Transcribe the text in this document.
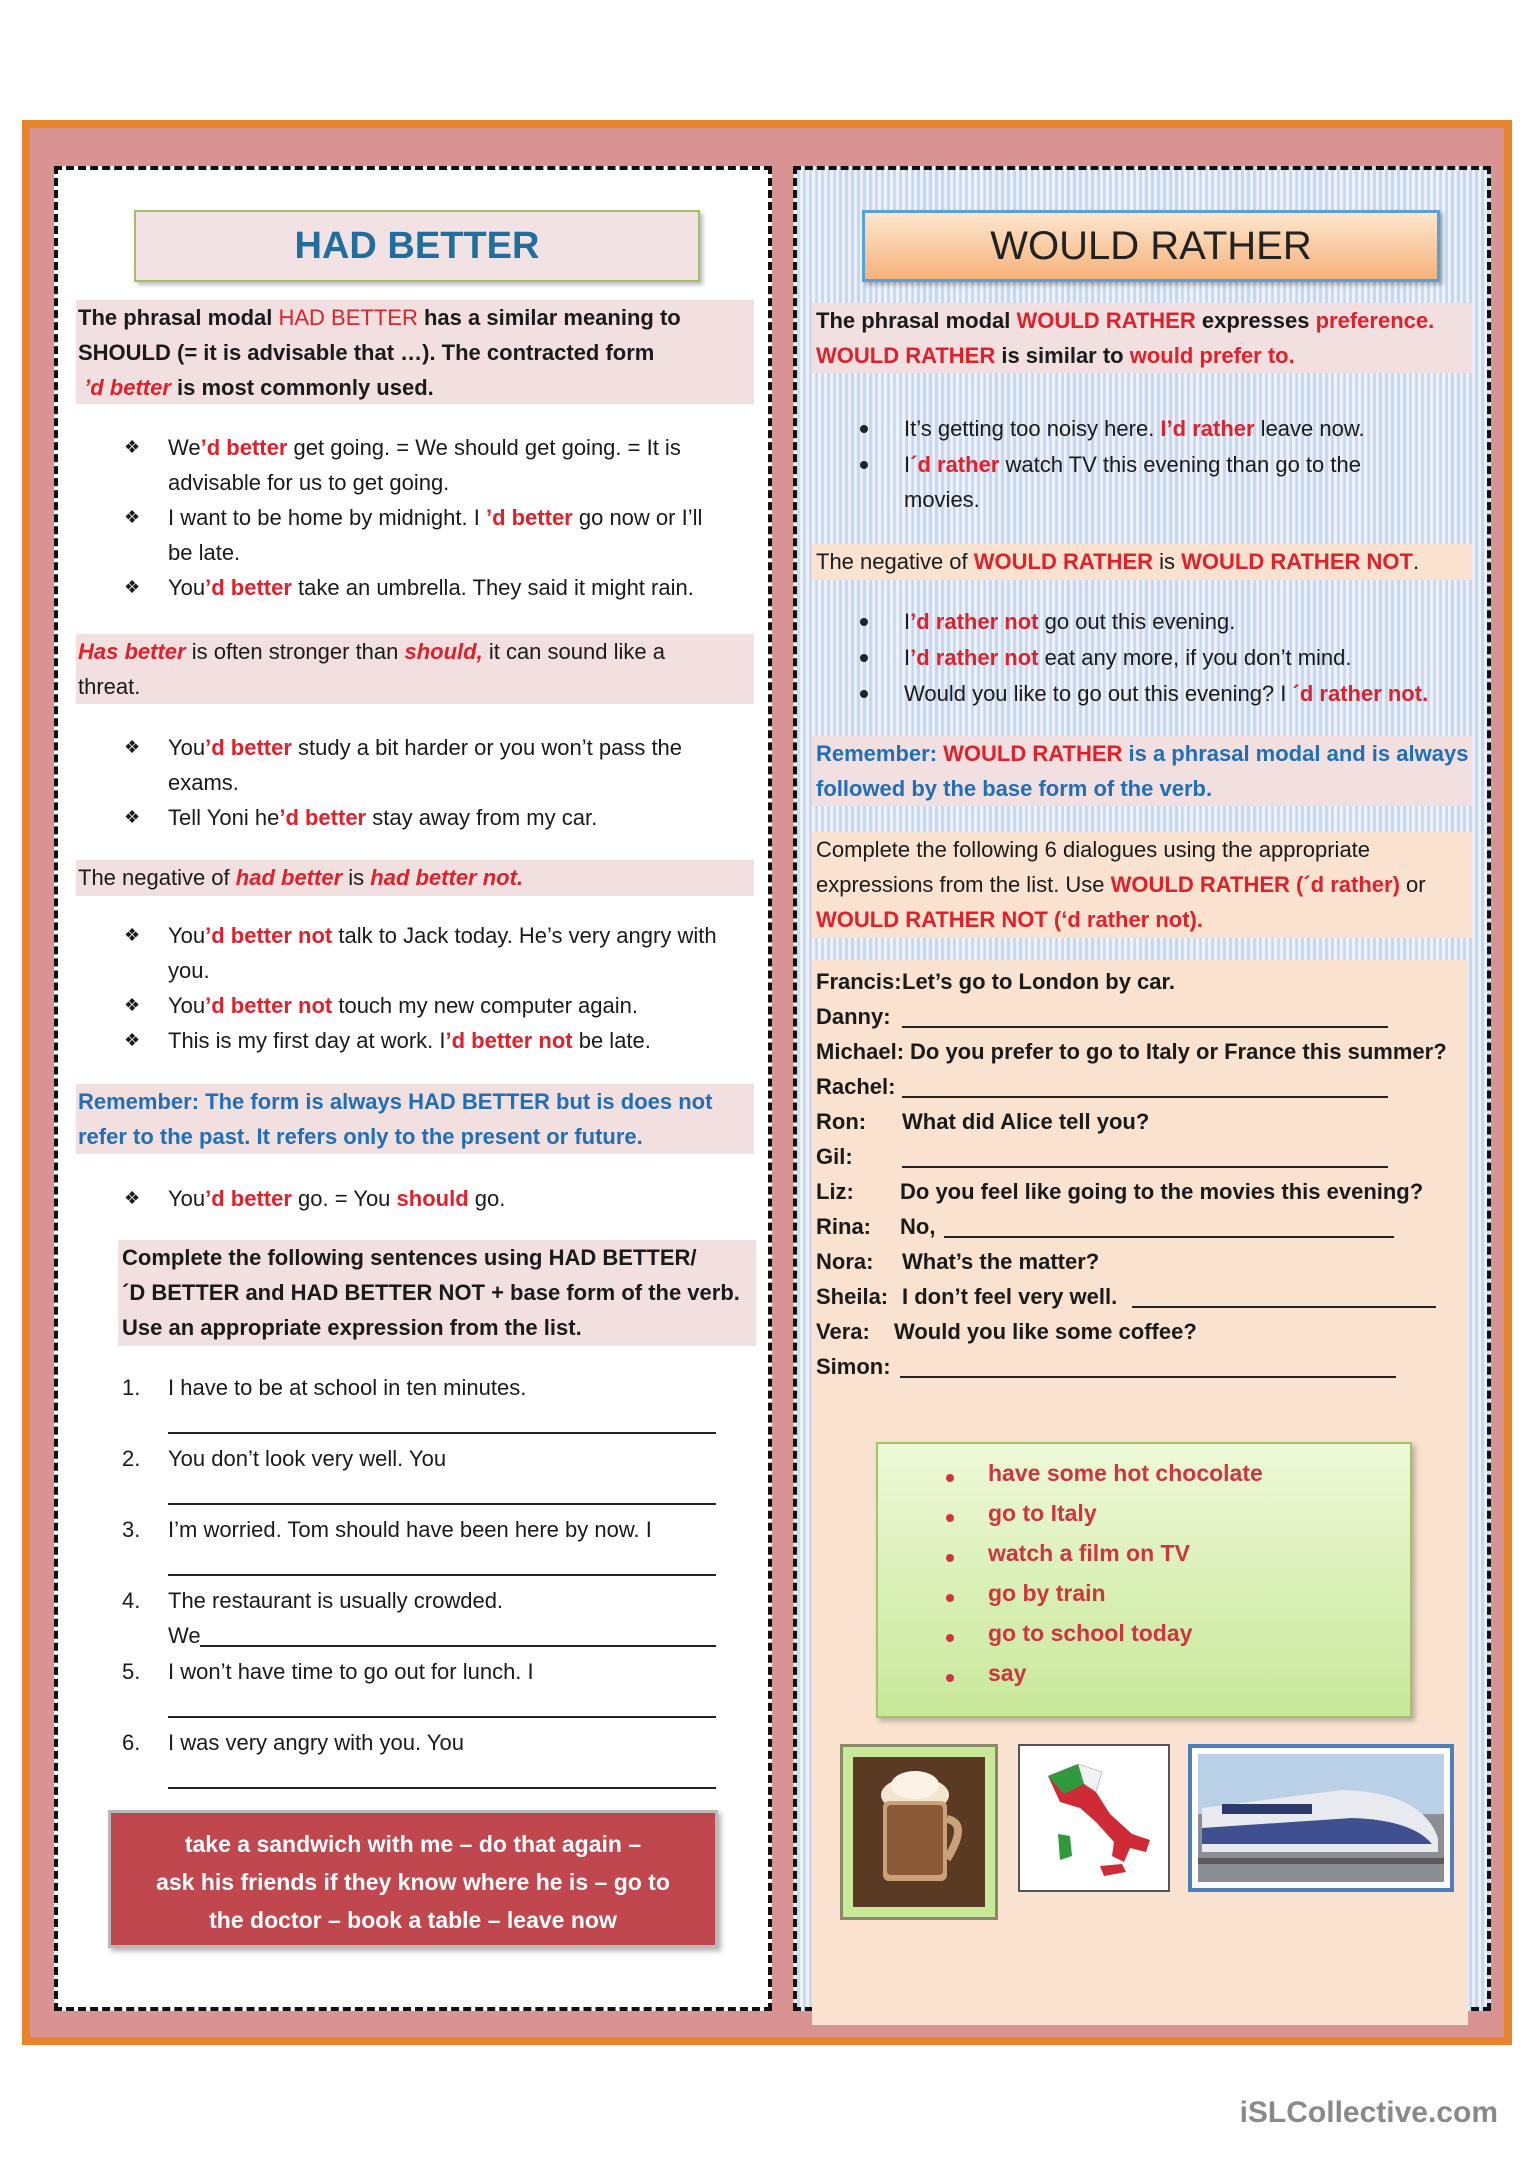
HAD BETTER
The phrasal modal HAD BETTER has a similar meaning to
SHOULD (= it is advisable that …). The contracted form
’d better is most commonly used.
❖ We’d better get going. = We should get going. = It is
advisable for us to get going.
❖ I want to be home by midnight. I ’d better go now or I’ll
be late.
❖ You’d better take an umbrella. They said it might rain.
Has better is often stronger than should, it can sound like a
threat.
❖ You’d better study a bit harder or you won’t pass the
exams.
❖ Tell Yoni he’d better stay away from my car.
The negative of had better is had better not.
❖ You’d better not talk to Jack today. He’s very angry with
you.
❖ You’d better not touch my new computer again.
❖ This is my first day at work. I’d better not be late.
Remember: The form is always HAD BETTER but is does not
refer to the past. It refers only to the present or future.
❖ You’d better go. = You should go.
Complete the following sentences using HAD BETTER/
´D BETTER and HAD BETTER NOT + base form of the verb.
Use an appropriate expression from the list.
1. I have to be at school in ten minutes.
2. You don’t look very well. You
3. I’m worried. Tom should have been here by now. I
4. The restaurant is usually crowded.
We
5. I won’t have time to go out for lunch. I
6. I was very angry with you. You
take a sandwich with me – do that again –
ask his friends if they know where he is – go to
the doctor – book a table – leave now
WOULD RATHER
The phrasal modal WOULD RATHER expresses preference.
WOULD RATHER is similar to would prefer to.
It’s getting too noisy here. I’d rather leave now.
I´d rather watch TV this evening than go to the
movies.
The negative of WOULD RATHER is WOULD RATHER NOT.
I’d rather not go out this evening.
I’d rather not eat any more, if you don’t mind.
Would you like to go out this evening? I ´d rather not.
Remember: WOULD RATHER is a phrasal modal and is always
followed by the base form of the verb.
Complete the following 6 dialogues using the appropriate
expressions from the list. Use WOULD RATHER (´d rather) or
WOULD RATHER NOT (‘d rather not).
Francis: Let’s go to London by car.
Danny:
Michael: Do you prefer to go to Italy or France this summer?
Rachel:
Ron: What did Alice tell you?
Gil:
Liz: Do you feel like going to the movies this evening?
Rina: No,
Nora: What’s the matter?
Sheila: I don’t feel very well.
Vera: Would you like some coffee?
Simon:
have some hot chocolate
go to Italy
watch a film on TV
go by train
go to school today
say
iSLCollective.com
